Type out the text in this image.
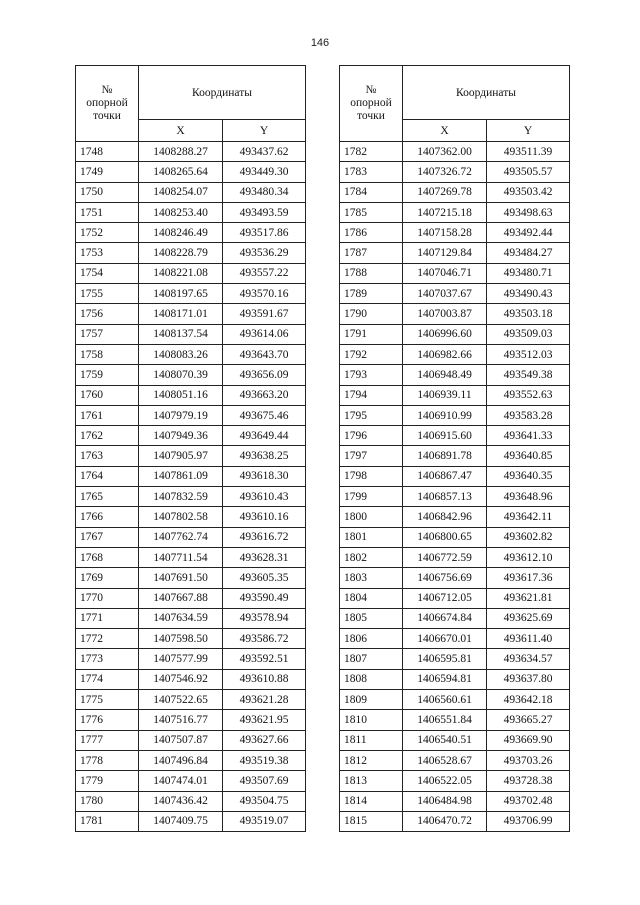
146
№
опорной
точки	Координаты	
	X	Y
1748	1408288.27	493437.62
1749	1408265.64	493449.30
1750	1408254.07	493480.34
1751	1408253.40	493493.59
1752	1408246.49	493517.86
1753	1408228.79	493536.29
1754	1408221.08	493557.22
1755	1408197.65	493570.16
1756	1408171.01	493591.67
1757	1408137.54	493614.06
1758	1408083.26	493643.70
1759	1408070.39	493656.09
1760	1408051.16	493663.20
1761	1407979.19	493675.46
1762	1407949.36	493649.44
1763	1407905.97	493638.25
1764	1407861.09	493618.30
1765	1407832.59	493610.43
1766	1407802.58	493610.16
1767	1407762.74	493616.72
1768	1407711.54	493628.31
1769	1407691.50	493605.35
1770	1407667.88	493590.49
1771	1407634.59	493578.94
1772	1407598.50	493586.72
1773	1407577.99	493592.51
1774	1407546.92	493610.88
1775	1407522.65	493621.28
1776	1407516.77	493621.95
1777	1407507.87	493627.66
1778	1407496.84	493519.38
1779	1407474.01	493507.69
1780	1407436.42	493504.75
1781	1407409.75	493519.07
№
опорной
точки	Координаты	
	X	Y
1782	1407362.00	493511.39
1783	1407326.72	493505.57
1784	1407269.78	493503.42
1785	1407215.18	493498.63
1786	1407158.28	493492.44
1787	1407129.84	493484.27
1788	1407046.71	493480.71
1789	1407037.67	493490.43
1790	1407003.87	493503.18
1791	1406996.60	493509.03
1792	1406982.66	493512.03
1793	1406948.49	493549.38
1794	1406939.11	493552.63
1795	1406910.99	493583.28
1796	1406915.60	493641.33
1797	1406891.78	493640.85
1798	1406867.47	493640.35
1799	1406857.13	493648.96
1800	1406842.96	493642.11
1801	1406800.65	493602.82
1802	1406772.59	493612.10
1803	1406756.69	493617.36
1804	1406712.05	493621.81
1805	1406674.84	493625.69
1806	1406670.01	493611.40
1807	1406595.81	493634.57
1808	1406594.81	493637.80
1809	1406560.61	493642.18
1810	1406551.84	493665.27
1811	1406540.51	493669.90
1812	1406528.67	493703.26
1813	1406522.05	493728.38
1814	1406484.98	493702.48
1815	1406470.72	493706.99
